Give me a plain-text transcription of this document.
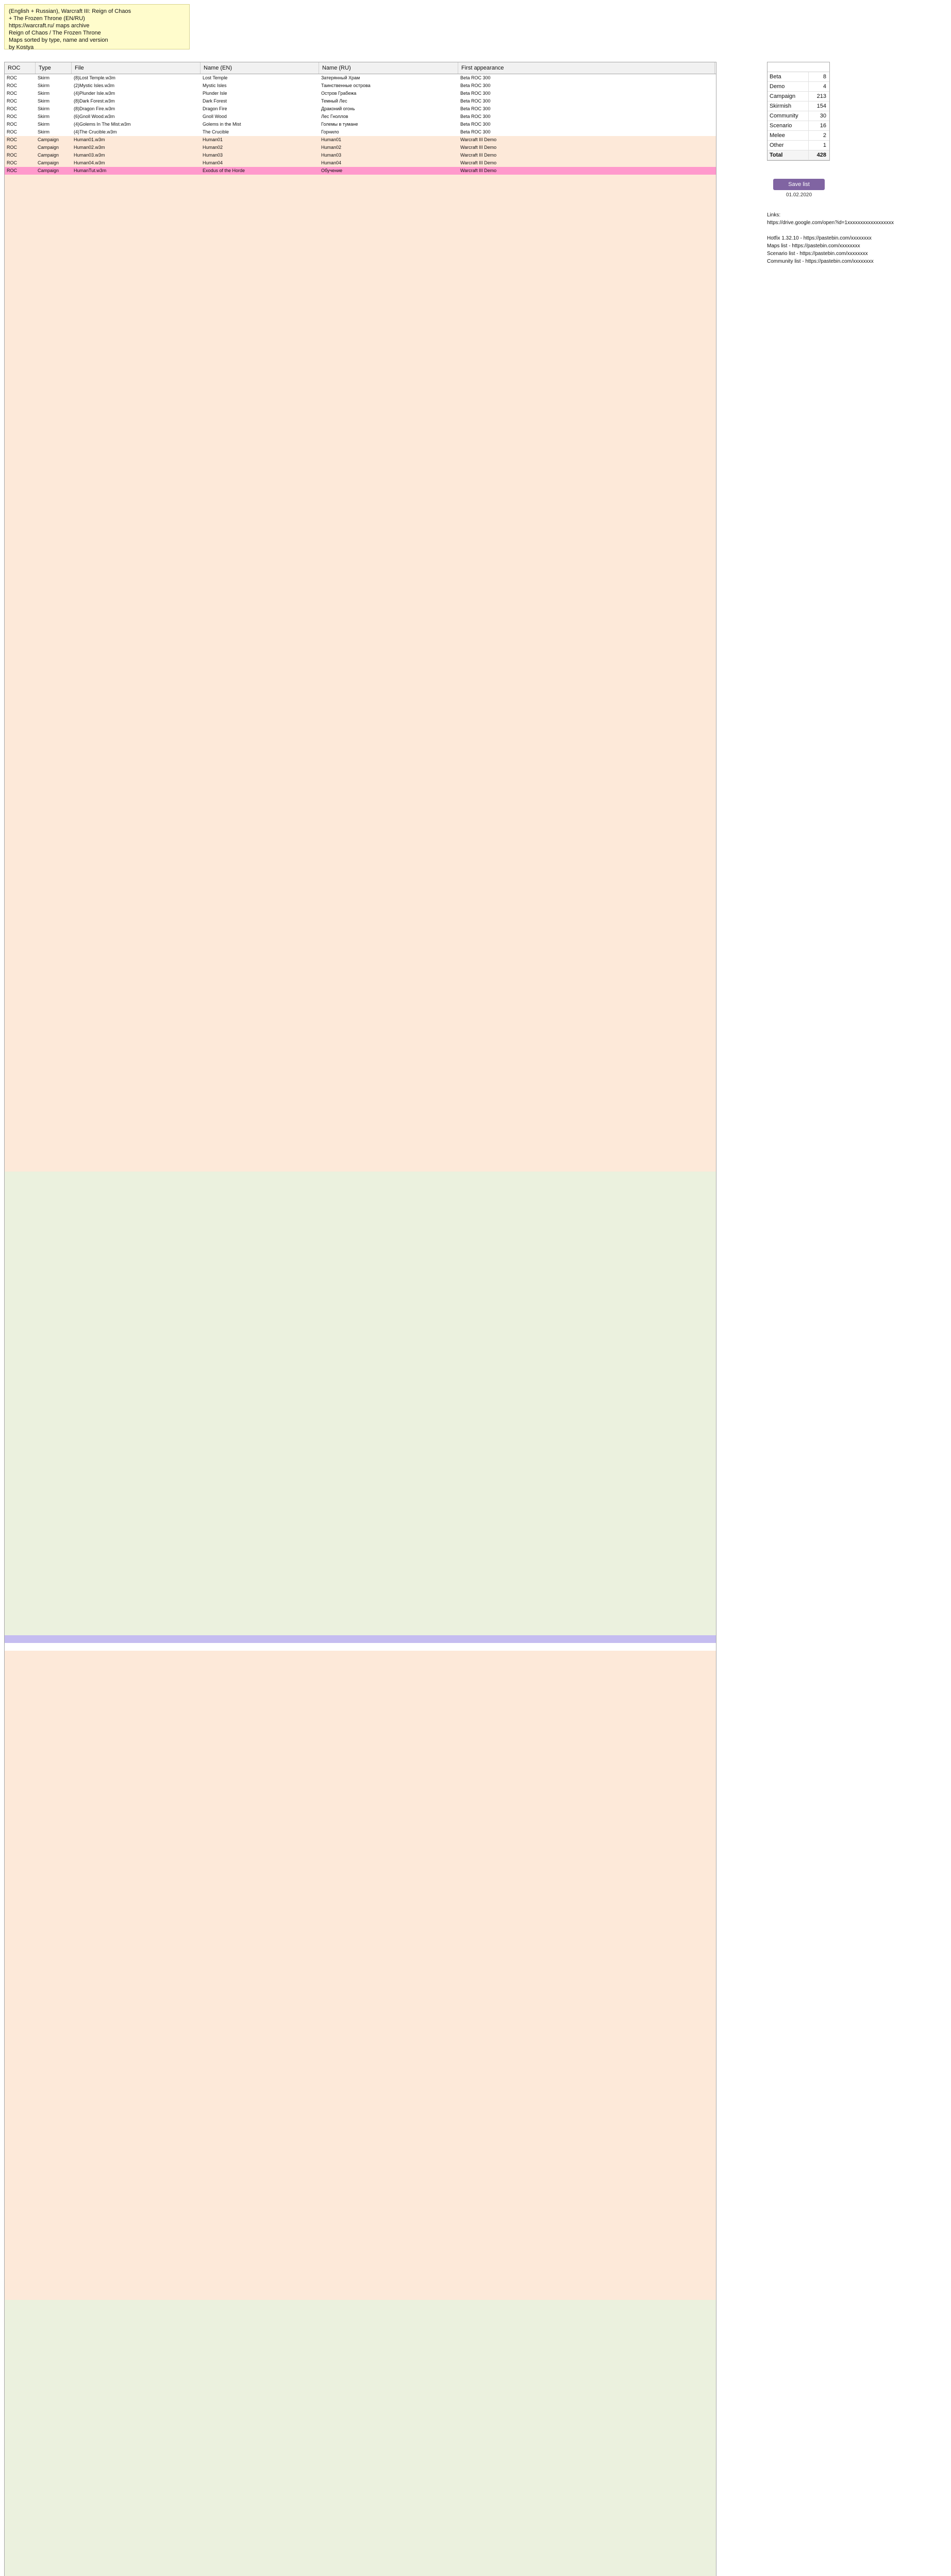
(English + Russian), Warcraft III: Reign of Chaos
+ The Frozen Throne (EN/RU)
https://warcraft.ru/ maps archive
Reign of Chaos / The Frozen Throne
Maps sorted by type, name and version
by Kostya
ROC	Type	File	Name (EN)	Name (RU)	First appearance
ROC	Skirm	(8)Lost Temple.w3m	Lost Temple	Затерянный Храм	Beta ROC 300
ROC	Skirm	(2)Mystic Isles.w3m	Mystic Isles	Таинственные острова	Beta ROC 300
ROC	Skirm	(4)Plunder Isle.w3m	Plunder Isle	Остров Грабежа	Beta ROC 300
ROC	Skirm	(8)Dark Forest.w3m	Dark Forest	Темный Лес	Beta ROC 300
ROC	Skirm	(8)Dragon Fire.w3m	Dragon Fire	Драконий огонь	Beta ROC 300
ROC	Skirm	(6)Gnoll Wood.w3m	Gnoll Wood	Лес Гноллов	Beta ROC 300
ROC	Skirm	(4)Golems In The Mist.w3m	Golems in the Mist	Големы в тумане	Beta ROC 300
ROC	Skirm	(4)The Crucible.w3m	The Crucible	Горнило	Beta ROC 300
ROC	Campaign	Human01.w3m	Human01	Human01	Warcraft III Demo
ROC	Campaign	Human02.w3m	Human02	Human02	Warcraft III Demo
ROC	Campaign	Human03.w3m	Human03	Human03	Warcraft III Demo
ROC	Campaign	Human04.w3m	Human04	Human04	Warcraft III Demo
ROC	Campaign	HumanTut.w3m	Exodus of the Horde	Обучение	Warcraft III Demo
Beta	8
Demo	4
Campaign	213
Skirmish	154
Community	30
Scenario	16
Melee	2
Other	1
Total	428
Save list
01.02.2020
Links:
https://drive.google.com/open?id=1xxxxxxxxxxxxxxxxxx
Hotfix 1.32.10 - https://pastebin.com/xxxxxxxx
Maps list - https://pastebin.com/xxxxxxxx
Scenario list - https://pastebin.com/xxxxxxxx
Community list - https://pastebin.com/xxxxxxxx
